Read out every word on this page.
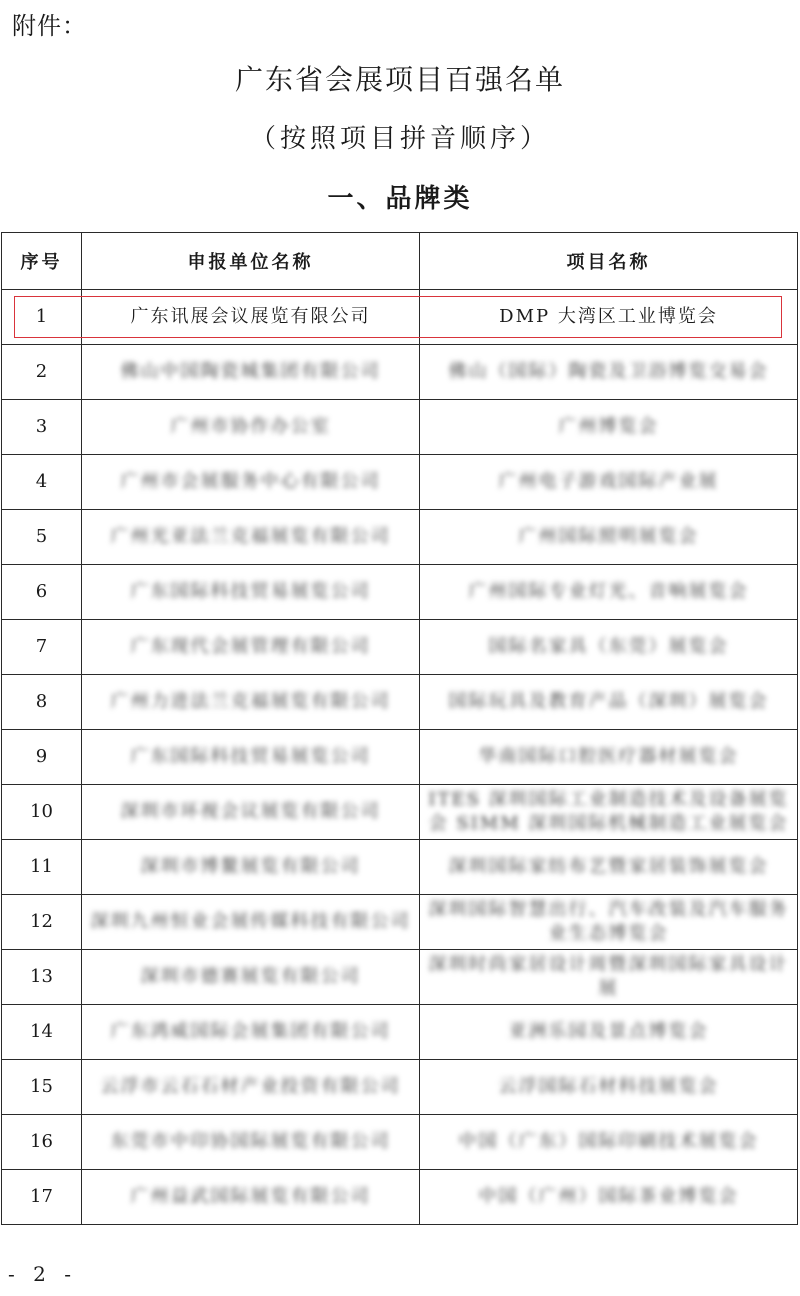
附件：
广东省会展项目百强名单
（按照项目拼音顺序）
一、品牌类
序号	申报单位名称	项目名称
1	广东讯展会议展览有限公司	DMP 大湾区工业博览会
2	佛山中国陶瓷城集团有限公司	佛山（国际）陶瓷及卫浴博览交易会
3	广州市协作办公室	广州博览会
4	广州市会展服务中心有限公司	广州电子游戏国际产业展
5	广州光亚法兰克福展览有限公司	广州国际照明展览会
6	广东国际科技贸易展览公司	广州国际专业灯光、音响展览会
7	广东现代会展管理有限公司	国际名家具（东莞）展览会
8	广州力进法兰克福展览有限公司	国际玩具及教育产品（深圳）展览会
9	广东国际科技贸易展览公司	华南国际口腔医疗器材展览会
10	深圳市环视会议展览有限公司	ITES 深圳国际工业制造技术及设备展览会 SIMM 深圳国际机械制造工业展览会
11	深圳市博鳌展览有限公司	深圳国际家纺布艺暨家居装饰展览会
12	深圳九州恒业会展传媒科技有限公司	深圳国际智慧出行、汽车改装及汽车服务业生态博览会
13	深圳市德赛展览有限公司	深圳时尚家居设计周暨深圳国际家具设计展
14	广东鸿威国际会展集团有限公司	亚洲乐园及景点博览会
15	云浮市云石石材产业投资有限公司	云浮国际石材科技展览会
16	东莞市中印协国际展览有限公司	中国（广东）国际印刷技术展览会
17	广州益武国际展览有限公司	中国（广州）国际茶业博览会
- 2 -
